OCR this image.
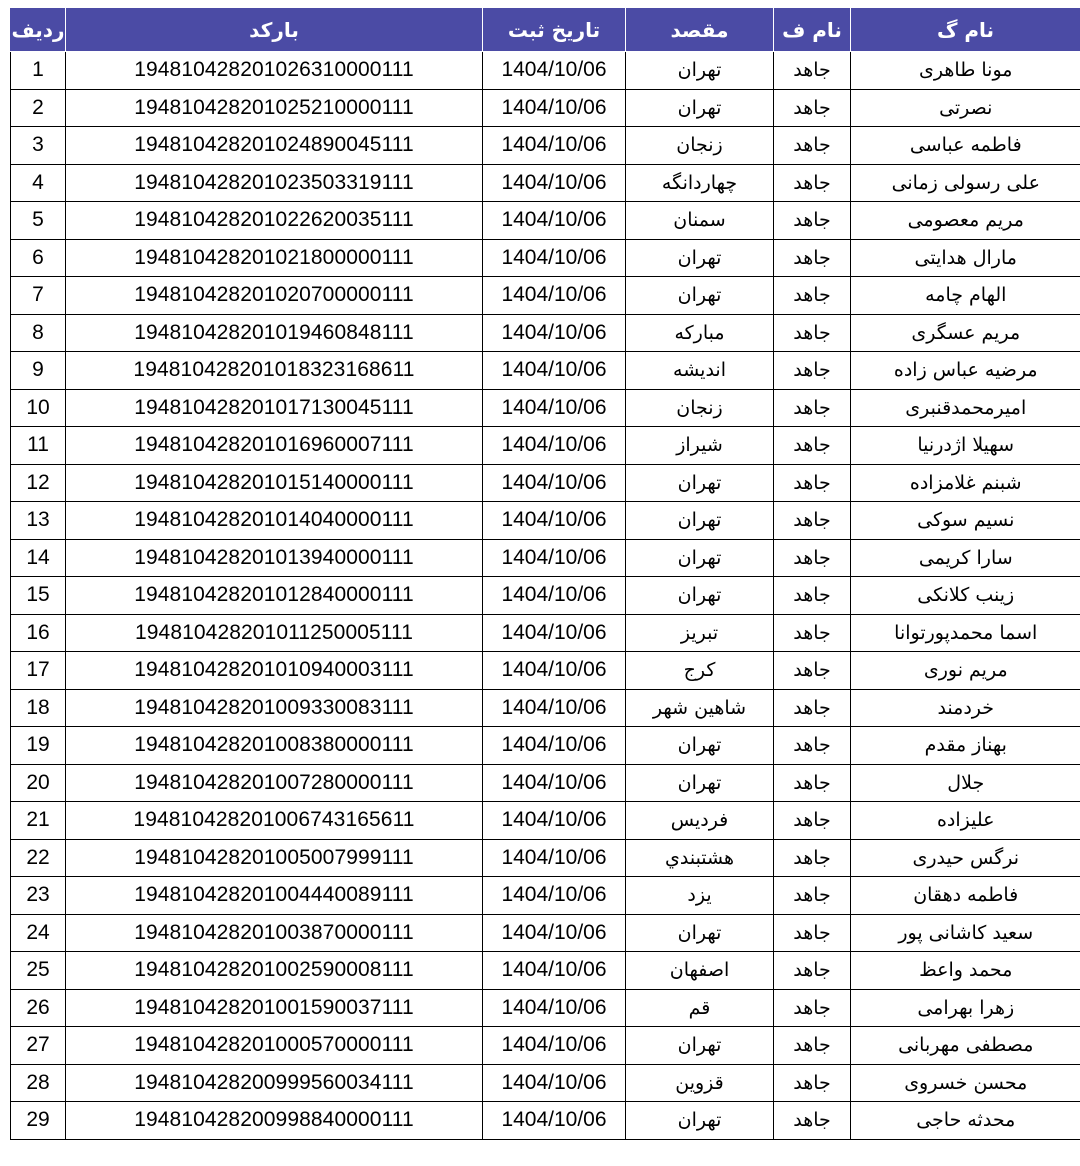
ردیف	بارکد	تاریخ ثبت	مقصد	نام ف	نام گ
1	194810428201026310000111	1404/10/06	تهران	جاهد	مونا طاهری
2	194810428201025210000111	1404/10/06	تهران	جاهد	نصرتی
3	194810428201024890045111	1404/10/06	زنجان	جاهد	فاطمه عباسی
4	194810428201023503319111	1404/10/06	چهاردانگه	جاهد	علی رسولی زمانی
5	194810428201022620035111	1404/10/06	سمنان	جاهد	مریم معصومی
6	194810428201021800000111	1404/10/06	تهران	جاهد	مارال هدایتی
7	194810428201020700000111	1404/10/06	تهران	جاهد	الهام چامه
8	194810428201019460848111	1404/10/06	مبارکه	جاهد	مریم عسگری
9	194810428201018323168611	1404/10/06	اندیشه	جاهد	مرضیه عباس زاده
10	194810428201017130045111	1404/10/06	زنجان	جاهد	امیرمحمدقنبری
11	194810428201016960007111	1404/10/06	شیراز	جاهد	سهیلا اژدرنیا
12	194810428201015140000111	1404/10/06	تهران	جاهد	شبنم غلامزاده
13	194810428201014040000111	1404/10/06	تهران	جاهد	نسیم سوکی
14	194810428201013940000111	1404/10/06	تهران	جاهد	سارا کریمی
15	194810428201012840000111	1404/10/06	تهران	جاهد	زینب کلانکی
16	194810428201011250005111	1404/10/06	تبریز	جاهد	اسما محمدپورتوانا
17	194810428201010940003111	1404/10/06	کرج	جاهد	مریم نوری
18	194810428201009330083111	1404/10/06	شاهین شهر	جاهد	خردمند
19	194810428201008380000111	1404/10/06	تهران	جاهد	بهناز مقدم
20	194810428201007280000111	1404/10/06	تهران	جاهد	جلال
21	194810428201006743165611	1404/10/06	فردیس	جاهد	علیزاده
22	194810428201005007999111	1404/10/06	هشتبندي	جاهد	نرگس حیدری
23	194810428201004440089111	1404/10/06	یزد	جاهد	فاطمه دهقان
24	194810428201003870000111	1404/10/06	تهران	جاهد	سعید کاشانی پور
25	194810428201002590008111	1404/10/06	اصفهان	جاهد	محمد واعظ
26	194810428201001590037111	1404/10/06	قم	جاهد	زهرا بهرامی
27	194810428201000570000111	1404/10/06	تهران	جاهد	مصطفی مهربانی
28	194810428200999560034111	1404/10/06	قزوین	جاهد	محسن خسروی
29	194810428200998840000111	1404/10/06	تهران	جاهد	محدثه حاجی
